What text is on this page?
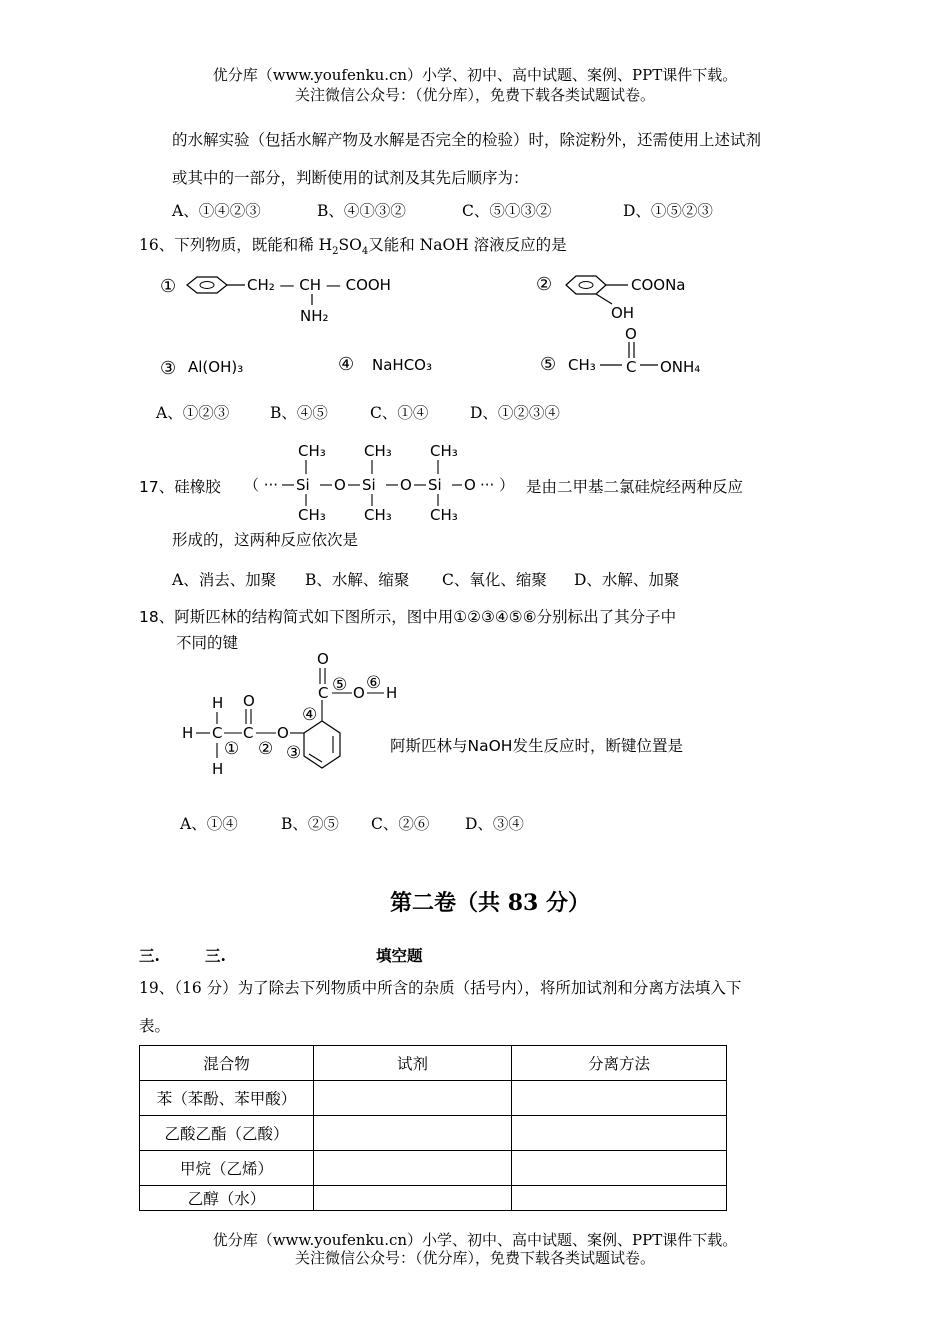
优分库（www.youfenku.cn）小学、初中、高中试题、案例、PPT课件下载。
关注微信公众号：（优分库），免费下载各类试题试卷。
的水解实验（包括水解产物及水解是否完全的检验）时，除淀粉外，还需使用上述试剂
或其中的一部分，判断使用的试剂及其先后顺序为：
A、①④②③	B、④①③②	C、⑤①③②	D、①⑤②③
16、下列物质，既能和稀 $H_2SO_4$又能和 NaOH 溶液反应的是
①	CH₂ — CH — COOH
NH₂
②	COONa
OH
③ Al(OH)₃	④ NaHCO₃	⑤ CH₃ C
O
ONH₄
A、①②③	B、④⑤	C、①④	D、①②③④
17、硅橡胶 （ ··· Si
CH₃
CH₃
O Si
CH₃
CH₃
O Si
CH₃
CH₃
O ··· ） 是由二甲基二氯硅烷经两种反应
形成的，这两种反应依次是
A、消去、加聚 B、水解、缩聚 C、氧化、缩聚 D、水解、加聚
18、阿斯匹林的结构简式如下图所示，图中用①②③④⑤⑥分别标出了其分子中
不同的键
H
H
H
C
①
C
O
②
O
③
④
C
O
⑤ O ⑥ H
阿斯匹林与NaOH发生反应时，断键位置是
A、①④	B、②⑤ C、②⑥ D、③④
第二卷（共 83 分）
三.	三.	填空题
19、（16 分）为了除去下列物质中所含的杂质（括号内），将所加试剂和分离方法填入下
表。
混合物	试剂	分离方法
苯（苯酚、苯甲酸）		
乙酸乙酯（乙酸）		
甲烷（乙烯）		
乙醇（水）		
优分库（www.youfenku.cn）小学、初中、高中试题、案例、PPT课件下载。
关注微信公众号：（优分库），免费下载各类试题试卷。
